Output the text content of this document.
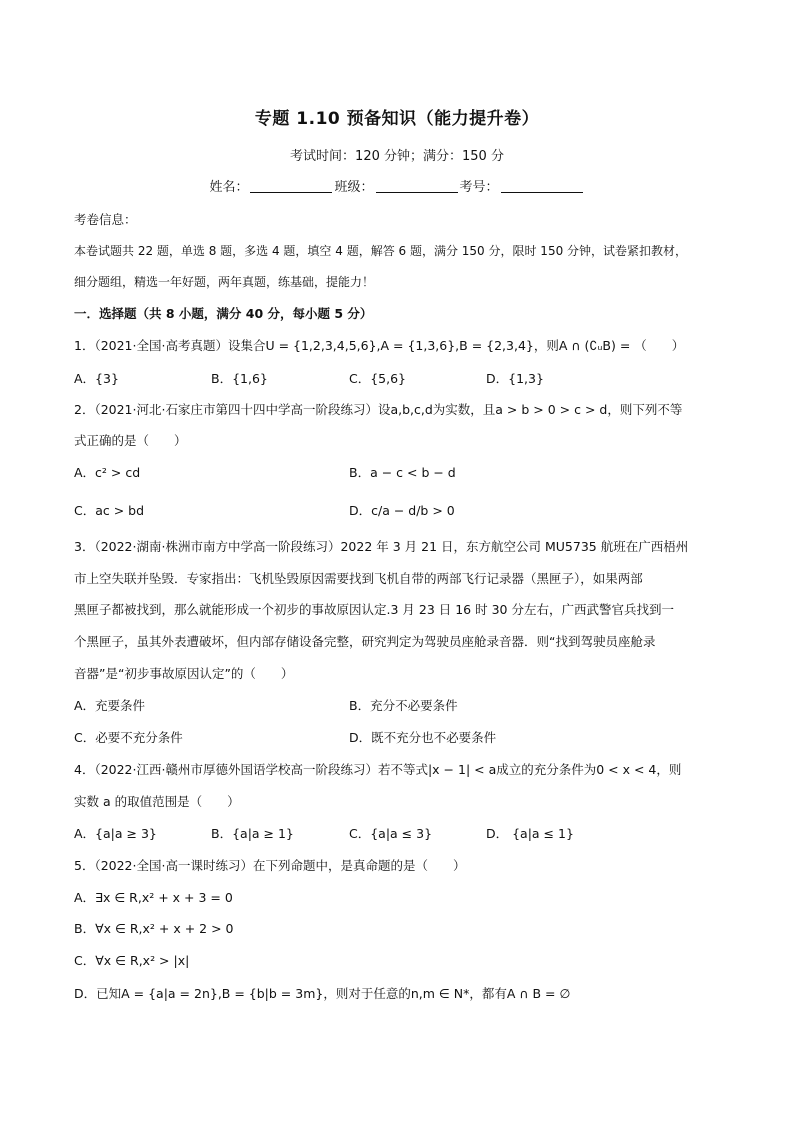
专题 1.10 预备知识（能力提升卷）
考试时间：120 分钟；满分：150 分
姓名：	班级：	考号：
考卷信息：
本卷试题共 22 题，单选 8 题，多选 4 题，填空 4 题，解答 6 题，满分 150 分，限时 150 分钟，试卷紧扣教材，
细分题组，精选一年好题，两年真题，练基础，提能力！
一．选择题（共 8 小题，满分 40 分，每小题 5 分）
1．（2021·全国·高考真题）设集合U = {1,2,3,4,5,6},A = {1,3,6},B = {2,3,4}，则A ∩ (∁ᵤB) = （　　）
A．{3}	B．{1,6}	C．{5,6}	D．{1,3}
2．（2021·河北·石家庄市第四十四中学高一阶段练习）设a,b,c,d为实数，且a > b > 0 > c > d，则下列不等
式正确的是（　　）
A．c² > cd	B．a − c < b − d
C．ac > bd	D．c/a − d/b > 0
3．（2022·湖南·株洲市南方中学高一阶段练习）2022 年 3 月 21 日，东方航空公司 MU5735 航班在广西梧州
市上空失联并坠毁．专家指出：飞机坠毁原因需要找到飞机自带的两部飞行记录器（黑匣子），如果两部
黑匣子都被找到，那么就能形成一个初步的事故原因认定.3 月 23 日 16 时 30 分左右，广西武警官兵找到一
个黑匣子，虽其外表遭破坏，但内部存储设备完整，研究判定为驾驶员座舱录音器．则“找到驾驶员座舱录
音器”是“初步事故原因认定”的（　　）
A．充要条件	B．充分不必要条件
C．必要不充分条件	D．既不充分也不必要条件
4．（2022·江西·赣州市厚德外国语学校高一阶段练习）若不等式|x − 1| < a成立的充分条件为0 < x < 4，则
实数 a 的取值范围是（　　）
A．{a|a ≥ 3}	B．{a|a ≥ 1}	C．{a|a ≤ 3}	D． {a|a ≤ 1}
5．（2022·全国·高一课时练习）在下列命题中，是真命题的是（　　）
A．∃x ∈ R,x² + x + 3 = 0
B．∀x ∈ R,x² + x + 2 > 0
C．∀x ∈ R,x² > |x|
D．已知A = {a|a = 2n},B = {b|b = 3m}，则对于任意的n,m ∈ N*，都有A ∩ B = ∅
